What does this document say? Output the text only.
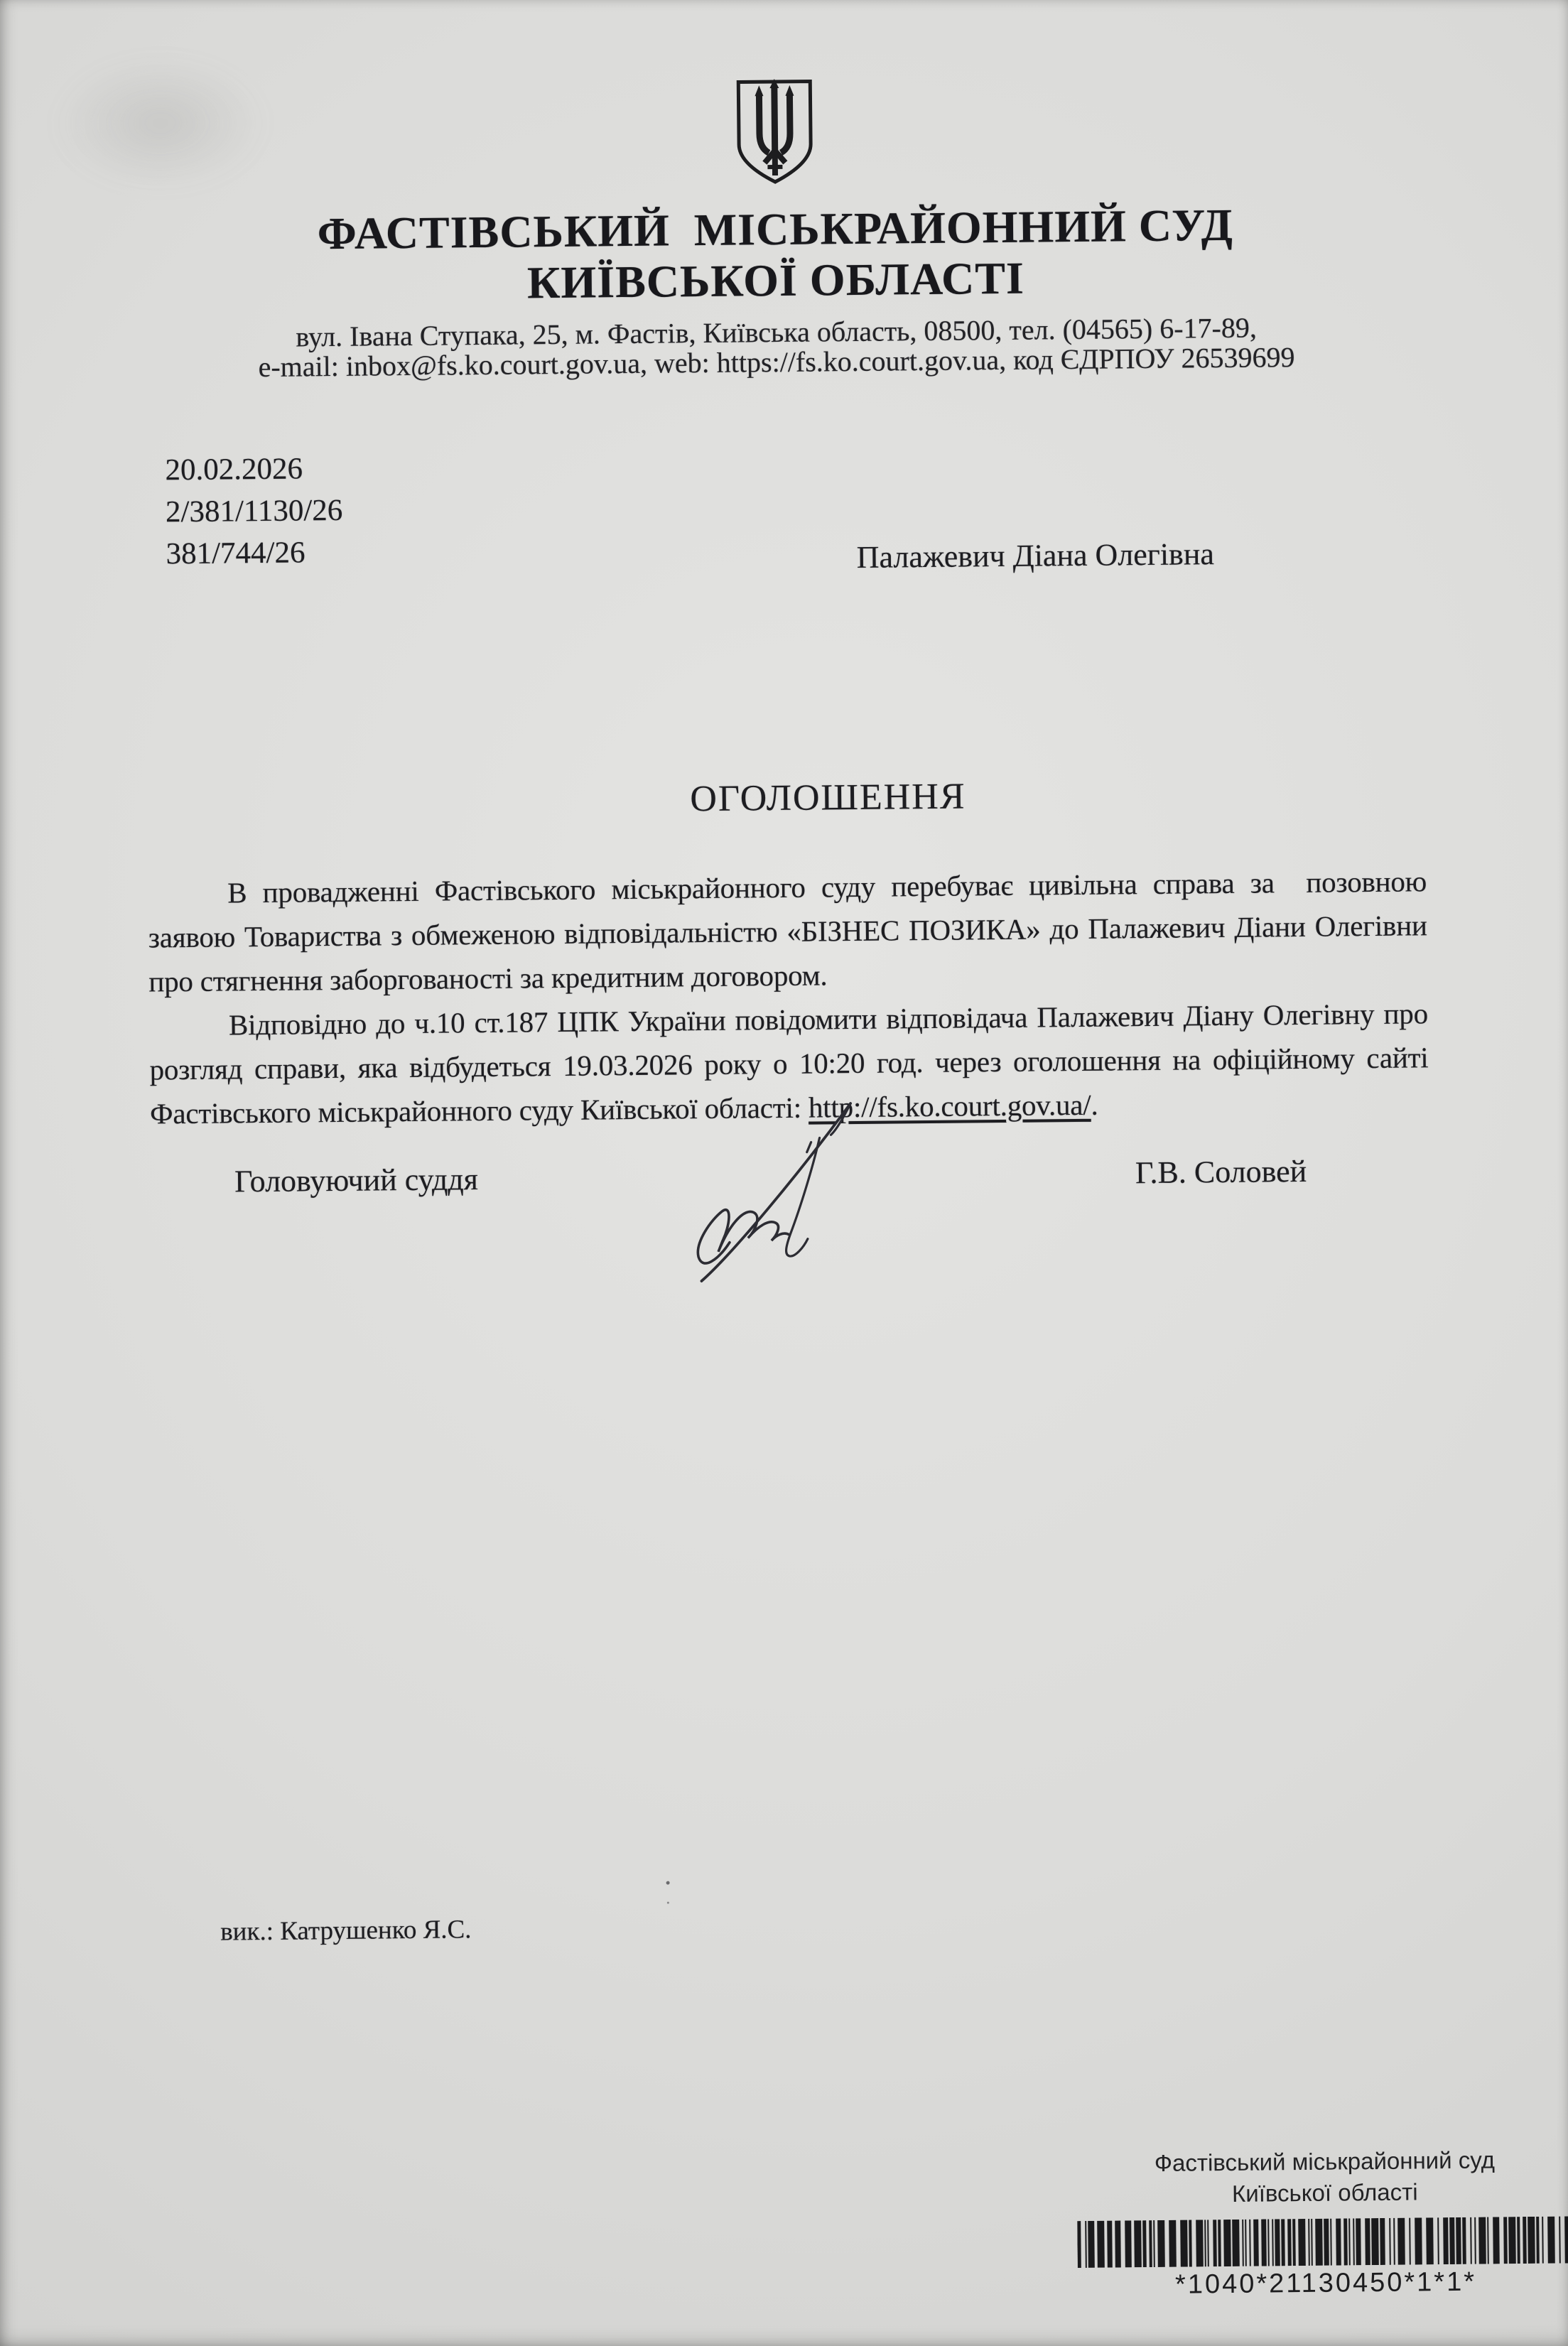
ФАСТІВСЬКИЙ  МІСЬКРАЙОННИЙ СУД
КИЇВСЬКОЇ ОБЛАСТІ
вул. Івана Ступака, 25, м. Фастів, Київська область, 08500, тел. (04565) 6-17-89,
e-mail: inbox@fs.ko.court.gov.ua, web: https://fs.ko.court.gov.ua, код ЄДРПОУ 26539699
20.02.2026
2/381/1130/26
381/744/26	Палажевич Діана Олегівна
ОГОЛОШЕННЯ

В провадженні Фастівського міськрайонного суду перебуває цивільна справа за  позовною заявою Товариства з обмеженою відповідальністю «БІЗНЕС ПОЗИКА» до Палажевич Діани Олегівни про стягнення заборгованості за кредитним договором.

Відповідно до ч.10 ст.187 ЦПК України повідомити відповідача Палажевич Діану Олегівну про розгляд справи, яка відбудеться 19.03.2026 року о 10:20 год. через оголошення на офіційному сайті Фастівського міськрайонного суду Київської області: http://fs.ko.court.gov.ua/.

Головуючий суддя	Г.В. Соловей
вик.: Катрушенко Я.С.
Фастівський міськрайонний суд
Київської області
*1040*21130450*1*1*
